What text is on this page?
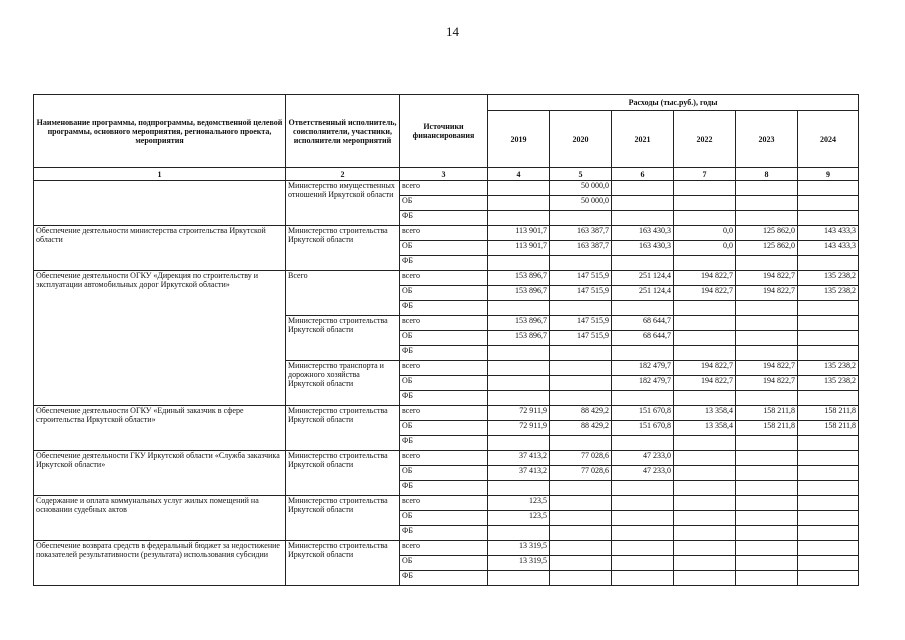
14
Наименование программы, подпрограммы, ведомственной целевой программы, основного мероприятия, регионального проекта, мероприятия	Ответственный исполнитель, соисполнители, участники, исполнители мероприятий	Источники финансирования	Расходы (тыс.руб.), годы					
			2019	2020	2021	2022	2023	2024
1	2	3	4	5	6	7	8	9
	Министерство имущественных отношений Иркутской области	всего		50 000,0				
		ОБ		50 000,0				
		ФБ						
Обеспечение деятельности министерства строительства Иркутской области	Министерство строительства Иркутской области	всего	113 901,7	163 387,7	163 430,3	0,0	125 862,0	143 433,3
		ОБ	113 901,7	163 387,7	163 430,3	0,0	125 862,0	143 433,3
		ФБ						
Обеспечение деятельности ОГКУ «Дирекция по строительству и эксплуатации автомобильных дорог Иркутской области»	Всего	всего	153 896,7	147 515,9	251 124,4	194 822,7	194 822,7	135 238,2
		ОБ	153 896,7	147 515,9	251 124,4	194 822,7	194 822,7	135 238,2
		ФБ						
	Министерство строительства Иркутской области	всего	153 896,7	147 515,9	68 644,7			
		ОБ	153 896,7	147 515,9	68 644,7			
		ФБ						
	Министерство транспорта и дорожного хозяйства Иркутской области	всего			182 479,7	194 822,7	194 822,7	135 238,2
		ОБ			182 479,7	194 822,7	194 822,7	135 238,2
		ФБ						
Обеспечение деятельности ОГКУ «Единый заказчик в сфере строительства Иркутской области»	Министерство строительства Иркутской области	всего	72 911,9	88 429,2	151 670,8	13 358,4	158 211,8	158 211,8
		ОБ	72 911,9	88 429,2	151 670,8	13 358,4	158 211,8	158 211,8
		ФБ						
Обеспечение деятельности ГКУ Иркутской области «Служба заказчика Иркутской области»	Министерство строительства Иркутской области	всего	37 413,2	77 028,6	47 233,0			
		ОБ	37 413,2	77 028,6	47 233,0			
		ФБ						
Содержание и оплата коммунальных услуг жилых помещений на основании судебных актов	Министерство строительства Иркутской области	всего	123,5					
		ОБ	123,5					
		ФБ						
Обеспечение возврата средств в федеральный бюджет за недостижение показателей результативности (результата) использования субсидии	Министерство строительства Иркутской области	всего	13 319,5					
		ОБ	13 319,5					
		ФБ						
